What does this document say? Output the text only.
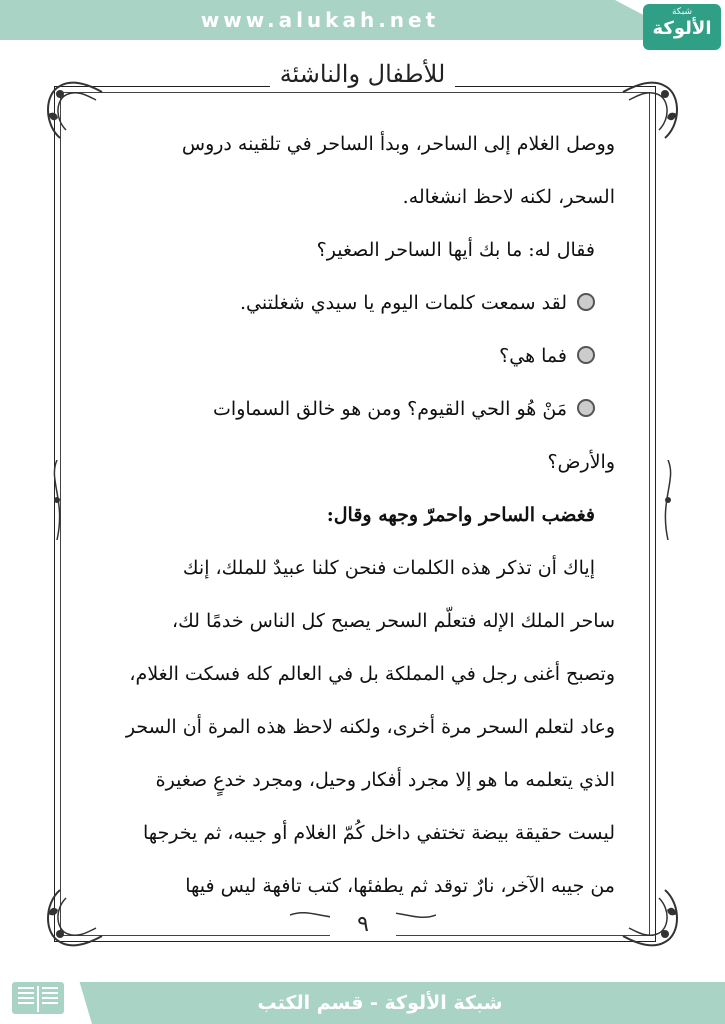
www.alukah.net	شبكة
الألوكة
للأطفال والناشئة
ووصل الغلام إلى الساحر، وبدأ الساحر في تلقينه دروس
السحر، لكنه لاحظ انشغاله.
فقال له: ما بك أيها الساحر الصغير؟
لقد سمعت كلمات اليوم يا سيدي شغلتني.
فما هي؟
مَنْ هُو الحي القيوم؟ ومن هو خالق السماوات
والأرض؟
فغضب الساحر واحمرّ وجهه وقال:
إياك أن تذكر هذه الكلمات فنحن كلنا عبيدٌ للملك، إنك
ساحر الملك الإله فتعلّم السحر يصبح كل الناس خدمًا لك،
وتصبح أغنى رجل في المملكة بل في العالم كله فسكت الغلام،
وعاد لتعلم السحر مرة أخرى، ولكنه لاحظ هذه المرة أن السحر
الذي يتعلمه ما هو إلا مجرد أفكار وحيل، ومجرد خدعٍ صغيرة
ليست حقيقة بيضة تختفي داخل كُمّ الغلام أو جيبه، ثم يخرجها
من جيبه الآخر، نارٌ توقد ثم يطفئها، كتب تافهة ليس فيها
٩
شبكة الألوكة - قسم الكتب
